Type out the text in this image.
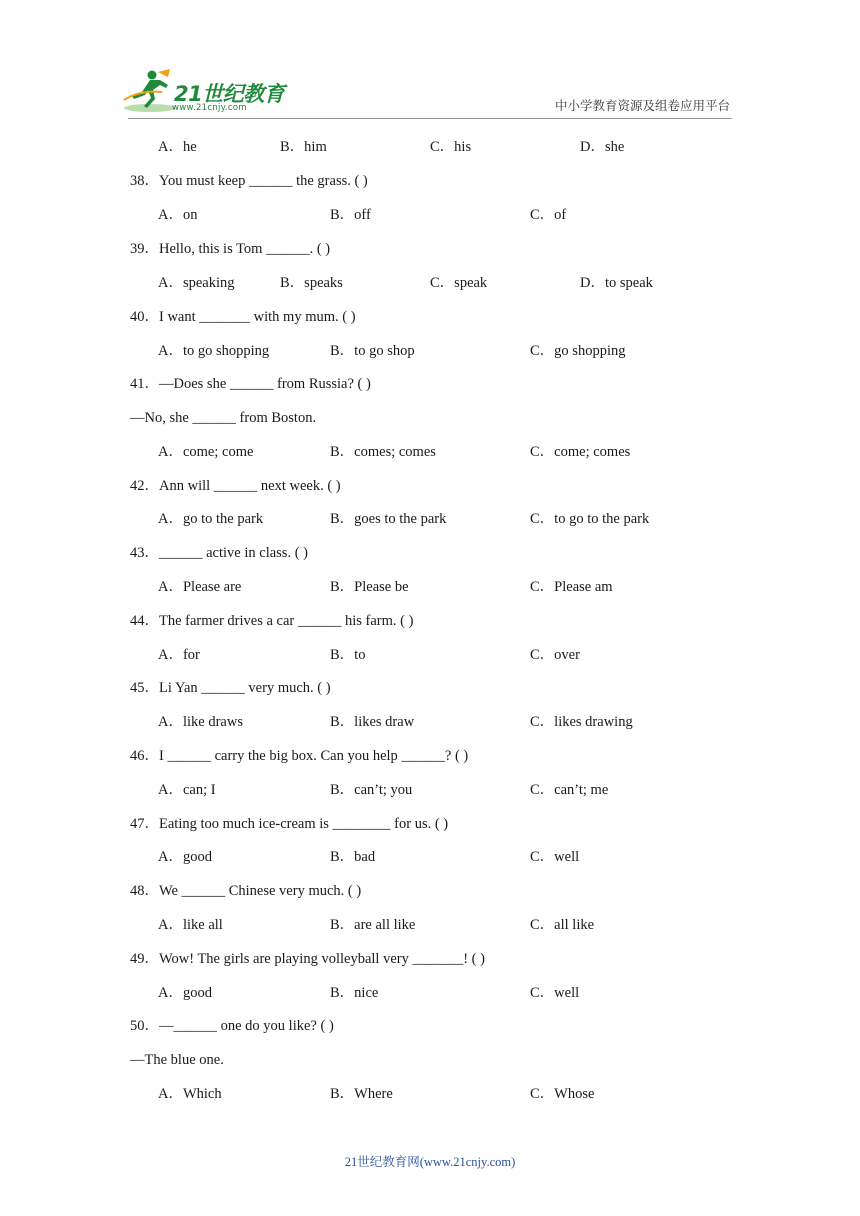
21世纪教育
www.21cnjy.com	中小学教育资源及组卷应用平台
A．he	B．him	C．his	D．she
38．You must keep ______ the grass. ( )
A．on	B．off	C．of
39．Hello, this is Tom ______. ( )
A．speaking	B．speaks	C．speak	D．to speak
40．I want _______ with my mum. ( )
A．to go shopping	B．to go shop	C．go shopping
41．—Does she ______ from Russia? ( )
—No, she ______ from Boston.
A．come; come	B．comes; comes	C．come; comes
42．Ann will ______ next week. ( )
A．go to the park	B．goes to the park	C．to go to the park
43．______ active in class. ( )
A．Please are	B．Please be	C．Please am
44．The farmer drives a car ______ his farm. ( )
A．for	B．to	C．over
45．Li Yan ______ very much. ( )
A．like draws	B．likes draw	C．likes drawing
46．I ______ carry the big box. Can you help ______? ( )
A．can; I	B．can’t; you	C．can’t; me
47．Eating too much ice-cream is ________ for us. ( )
A．good	B．bad	C．well
48．We ______ Chinese very much. ( )
A．like all	B．are all like	C．all like
49．Wow! The girls are playing volleyball very _______! ( )
A．good	B．nice	C．well
50．—______ one do you like? ( )
—The blue one.
A．Which	B．Where	C．Whose
21世纪教育网(www.21cnjy.com)
